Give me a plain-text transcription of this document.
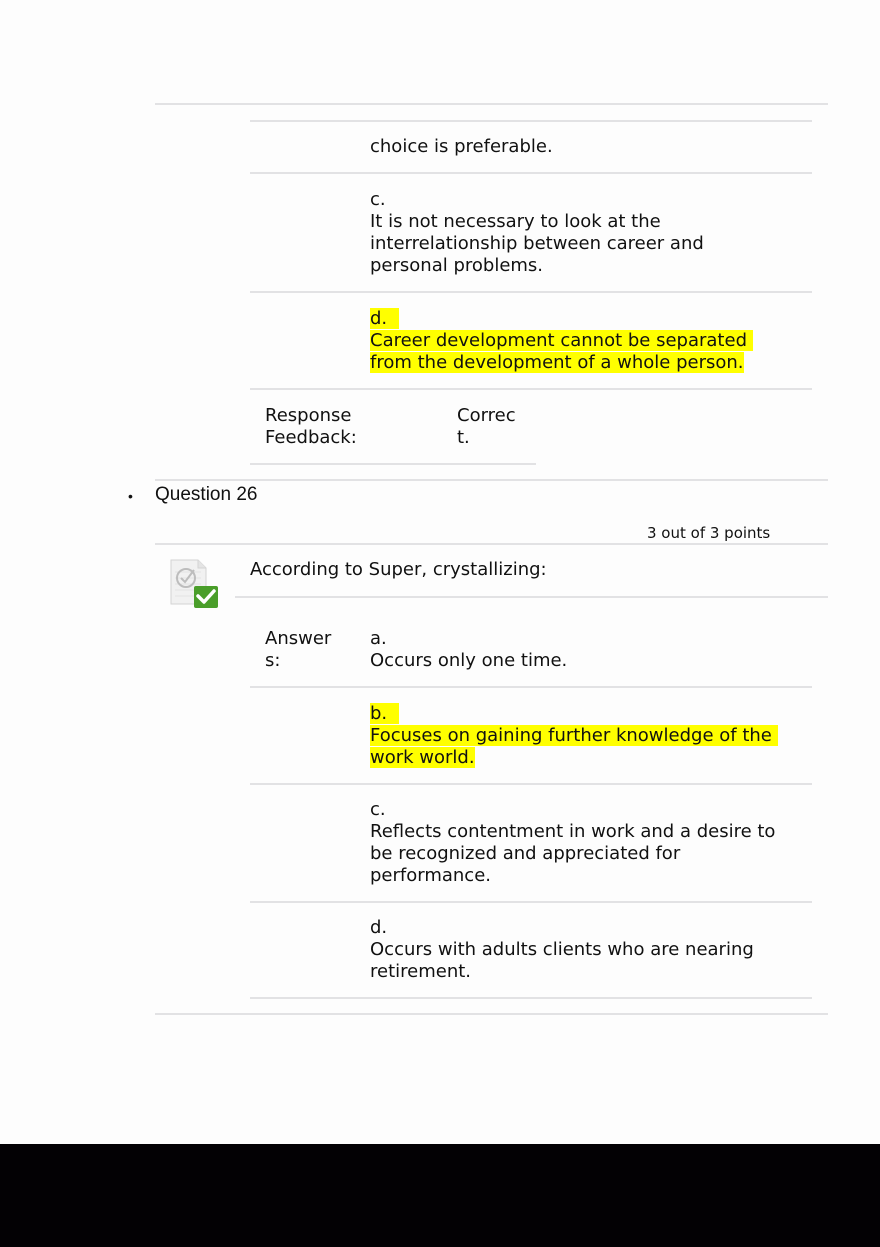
choice is preferable.
c.
It is not necessary to look at the
interrelationship between career and
personal problems.
d.
Career development cannot be separated
from the development of a whole person.
Response
Feedback:
Correc
t.
• Question 26
3 out of 3 points
According to Super, crystallizing:
Answer
s:
a.
Occurs only one time.
b.
Focuses on gaining further knowledge of the
work world.
c.
Reflects contentment in work and a desire to
be recognized and appreciated for
performance.
d.
Occurs with adults clients who are nearing
retirement.
